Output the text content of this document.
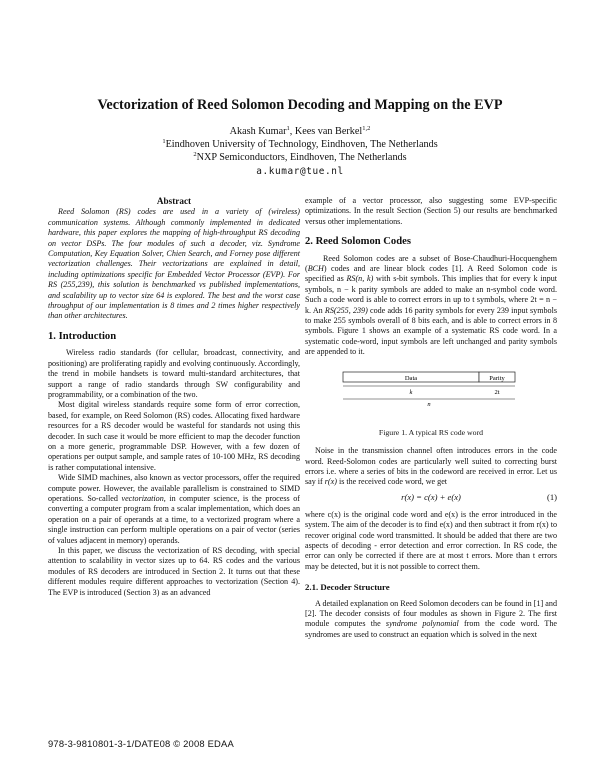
Vectorization of Reed Solomon Decoding and Mapping on the EVP
Akash Kumar$^1$, Kees van Berkel$^{1,2}$
$^1$Eindhoven University of Technology, Eindhoven, The Netherlands
$^2$NXP Semiconductors, Eindhoven, The Netherlands
a.kumar@tue.nl
Abstract

Reed Solomon (RS) codes are used in a variety of (wireless) communication systems. Although commonly implemented in dedicated hardware, this paper explores the mapping of high-throughput RS decoding on vector DSPs. The four modules of such a decoder, viz. Syndrome Computation, Key Equation Solver, Chien Search, and Forney pose different vectorization challenges. Their vectorizations are explained in detail, including optimizations specific for Embedded Vector Processor (EVP). For RS (255,239), this solution is benchmarked vs published implementations, and scalability up to vector size 64 is explored. The best and the worst case throughput of our implementation is 8 times and 2 times higher respectively than other architectures.

1. Introduction

Wireless radio standards (for cellular, broadcast, connectivity, and positioning) are proliferating rapidly and evolving continuously. Accordingly, the trend in mobile handsets is toward multi-standard architectures, that support a range of radio standards through SW configurability and programmability, or a combination of the two.

Most digital wireless standards require some form of error correction, based, for example, on Reed Solomon (RS) codes. Allocating fixed hardware resources for a RS decoder would be wasteful for standards not using this decoder. In such case it would be more efficient to map the decoder function on a more generic, programmable DSP. However, with a few dozen of operations per output sample, and sample rates of 10-100 MHz, RS decoding is rather computational intensive.

Wide SIMD machines, also known as vector processors, offer the required compute power. However, the available parallelism is constrained to SIMD operations. So-called vectorization, in computer science, is the process of converting a computer program from a scalar implementation, which does an operation on a pair of operands at a time, to a vectorized program where a single instruction can perform multiple operations on a pair of vector (series of values adjacent in memory) operands.

In this paper, we discuss the vectorization of RS decoding, with special attention to scalability in vector sizes up to 64. RS codes and the various modules of RS decoders are introduced in Section 2. It turns out that these different modules require different approaches to vectorization (Section 4). The EVP is introduced (Section 3) as an advanced

example of a vector processor, also suggesting some EVP-specific optimizations. In the result Section (Section 5) our results are benchmarked versus other implementations.

2. Reed Solomon Codes

Reed Solomon codes are a subset of Bose-Chaudhuri-Hocquenghem (BCH) codes and are linear block codes [1]. A Reed Solomon code is specified as RS(n, k) with s-bit symbols. This implies that for every k input symbols, n − k parity symbols are added to make an n-symbol code word. Such a code word is able to correct errors in up to t symbols, where 2t = n − k. An RS(255, 239) code adds 16 parity symbols for every 239 input symbols to make 255 symbols overall of 8 bits each, and is able to correct errors in 8 symbols. Figure 1 shows an example of a systematic RS code word. In a systematic code-word, input symbols are left unchanged and parity symbols are appended to it.

Data	Parity
k	2t
n
Figure 1. A typical RS code word

Noise in the transmission channel often introduces errors in the code word. Reed-Solomon codes are particularly well suited to correcting burst errors i.e. where a series of bits in the codeword are received in error. Let us say if r(x) is the received code word, we get

r(x) = c(x) + e(x)	(1)

where c(x) is the original code word and e(x) is the error introduced in the system. The aim of the decoder is to find e(x) and then subtract it from r(x) to recover original code word transmitted. It should be added that there are two aspects of decoding - error detection and error correction. In RS code, the error can only be corrected if there are at most t errors. More than t errors may be detected, but it is not possible to correct them.

2.1. Decoder Structure

A detailed explanation on Reed Solomon decoders can be found in [1] and [2]. The decoder consists of four modules as shown in Figure 2. The first module computes the syndrome polynomial from the code word. The syndromes are used to construct an equation which is solved in the next

978-3-9810801-3-1/DATE08 © 2008 EDAA
